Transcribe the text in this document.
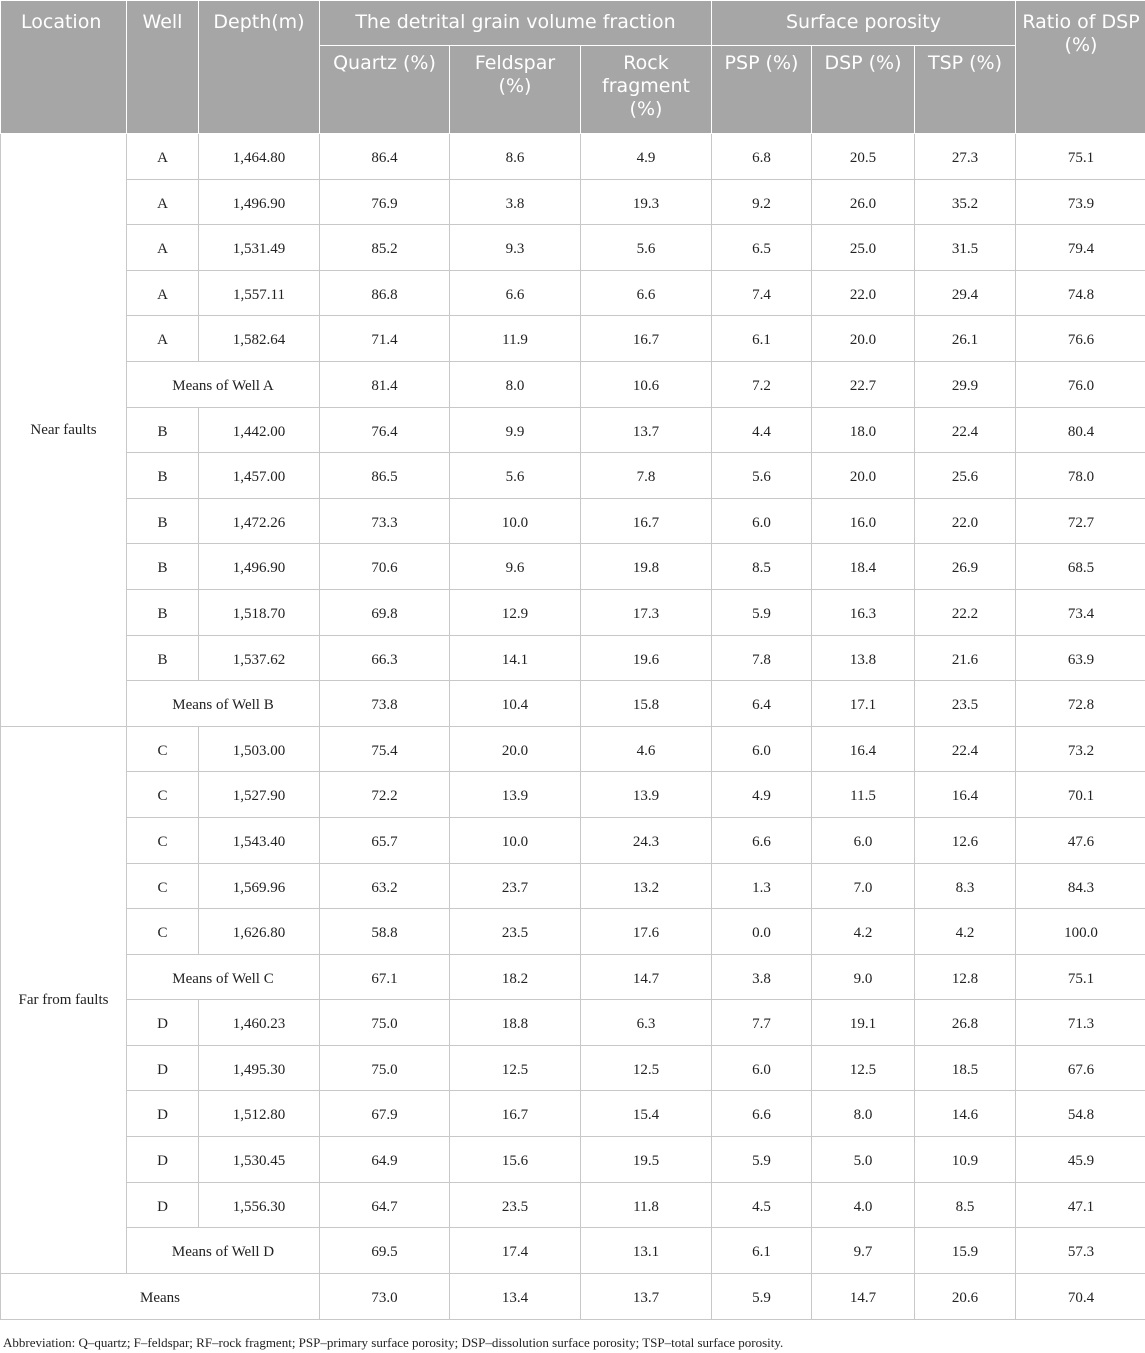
Location	Well	Depth(m)	The detrital grain volume fraction			Surface porosity			Ratio of DSP (%)
			Quartz (%)	Feldspar (%)	Rock fragment (%)	PSP (%)	DSP (%)	TSP (%)	
Near faults	A	1,464.80	86.4	8.6	4.9	6.8	20.5	27.3	75.1
	A	1,496.90	76.9	3.8	19.3	9.2	26.0	35.2	73.9
	A	1,531.49	85.2	9.3	5.6	6.5	25.0	31.5	79.4
	A	1,557.11	86.8	6.6	6.6	7.4	22.0	29.4	74.8
	A	1,582.64	71.4	11.9	16.7	6.1	20.0	26.1	76.6
	Means of Well A		81.4	8.0	10.6	7.2	22.7	29.9	76.0
	B	1,442.00	76.4	9.9	13.7	4.4	18.0	22.4	80.4
	B	1,457.00	86.5	5.6	7.8	5.6	20.0	25.6	78.0
	B	1,472.26	73.3	10.0	16.7	6.0	16.0	22.0	72.7
	B	1,496.90	70.6	9.6	19.8	8.5	18.4	26.9	68.5
	B	1,518.70	69.8	12.9	17.3	5.9	16.3	22.2	73.4
	B	1,537.62	66.3	14.1	19.6	7.8	13.8	21.6	63.9
	Means of Well B		73.8	10.4	15.8	6.4	17.1	23.5	72.8
Far from faults	C	1,503.00	75.4	20.0	4.6	6.0	16.4	22.4	73.2
	C	1,527.90	72.2	13.9	13.9	4.9	11.5	16.4	70.1
	C	1,543.40	65.7	10.0	24.3	6.6	6.0	12.6	47.6
	C	1,569.96	63.2	23.7	13.2	1.3	7.0	8.3	84.3
	C	1,626.80	58.8	23.5	17.6	0.0	4.2	4.2	100.0
	Means of Well C		67.1	18.2	14.7	3.8	9.0	12.8	75.1
	D	1,460.23	75.0	18.8	6.3	7.7	19.1	26.8	71.3
	D	1,495.30	75.0	12.5	12.5	6.0	12.5	18.5	67.6
	D	1,512.80	67.9	16.7	15.4	6.6	8.0	14.6	54.8
	D	1,530.45	64.9	15.6	19.5	5.9	5.0	10.9	45.9
	D	1,556.30	64.7	23.5	11.8	4.5	4.0	8.5	47.1
	Means of Well D		69.5	17.4	13.1	6.1	9.7	15.9	57.3
Means			73.0	13.4	13.7	5.9	14.7	20.6	70.4
Abbreviation: Q–quartz; F–feldspar; RF–rock fragment; PSP–primary surface porosity; DSP–dissolution surface porosity; TSP–total surface porosity.
